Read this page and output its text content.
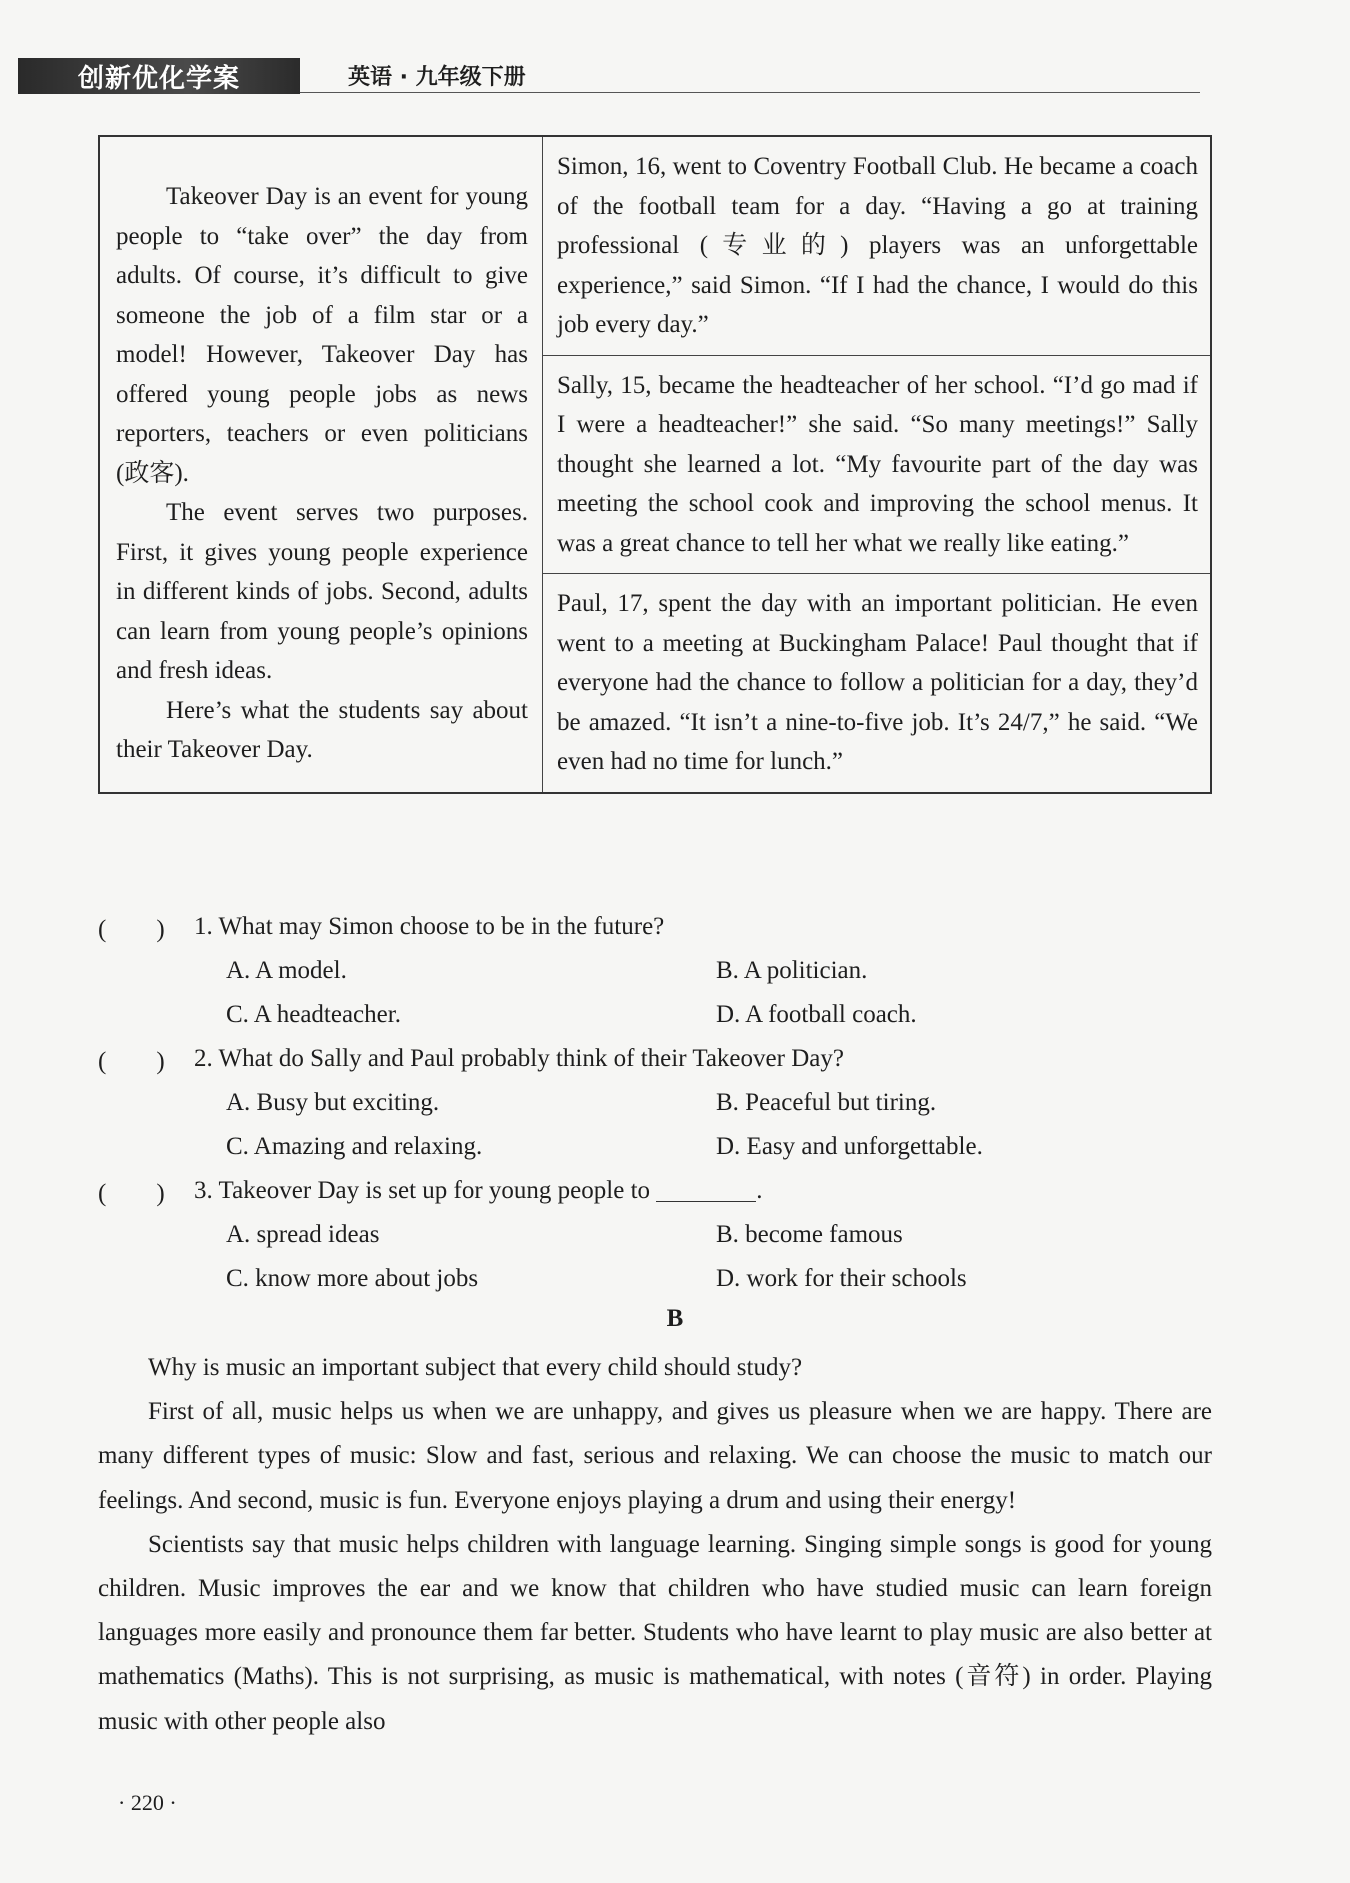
创新优化学案	英语 · 九年级下册

Takeover Day is an event for young people to “take over” the day from adults. Of course, it’s difficult to give someone the job of a film star or a model! However, Takeover Day has offered young people jobs as news reporters, teachers or even politicians (政客).

The event serves two purposes. First, it gives young people experience in different kinds of jobs. Second, adults can learn from young people’s opinions and fresh ideas.

Here’s what the students say about their Takeover Day.

Simon, 16, went to Coventry Football Club. He became a coach of the football team for a day. “Having a go at training professional (专业的) players was an unforgettable experience,” said Simon. “If I had the chance, I would do this job every day.”

Sally, 15, became the headteacher of her school. “I’d go mad if I were a headteacher!” she said. “So many meetings!” Sally thought she learned a lot. “My favourite part of the day was meeting the school cook and improving the school menus. It was a great chance to tell her what we really like eating.”

Paul, 17, spent the day with an important politician. He even went to a meeting at Buckingham Palace! Paul thought that if everyone had the chance to follow a politician for a day, they’d be amazed. “It isn’t a nine-to-five job. It’s 24/7,” he said. “We even had no time for lunch.”

(　　)	1. What may Simon choose to be in the future?
A. A model.	B. A politician.
C. A headteacher.	D. A football coach.
(　　)	2. What do Sally and Paul probably think of their Takeover Day?
A. Busy but exciting.	B. Peaceful but tiring.
C. Amazing and relaxing.	D. Easy and unforgettable.
(　　)	3. Takeover Day is set up for young people to
	.
A. spread ideas	B. become famous
C. know more about jobs	D. work for their schools
B

Why is music an important subject that every child should study?

First of all, music helps us when we are unhappy, and gives us pleasure when we are happy. There are many different types of music: Slow and fast, serious and relaxing. We can choose the music to match our feelings. And second, music is fun. Everyone enjoys playing a drum and using their energy!

Scientists say that music helps children with language learning. Singing simple songs is good for young children. Music improves the ear and we know that children who have studied music can learn foreign languages more easily and pronounce them far better. Students who have learnt to play music are also better at mathematics (Maths). This is not surprising, as music is mathematical, with notes (音符) in order. Playing music with other people also

· 220 ·
